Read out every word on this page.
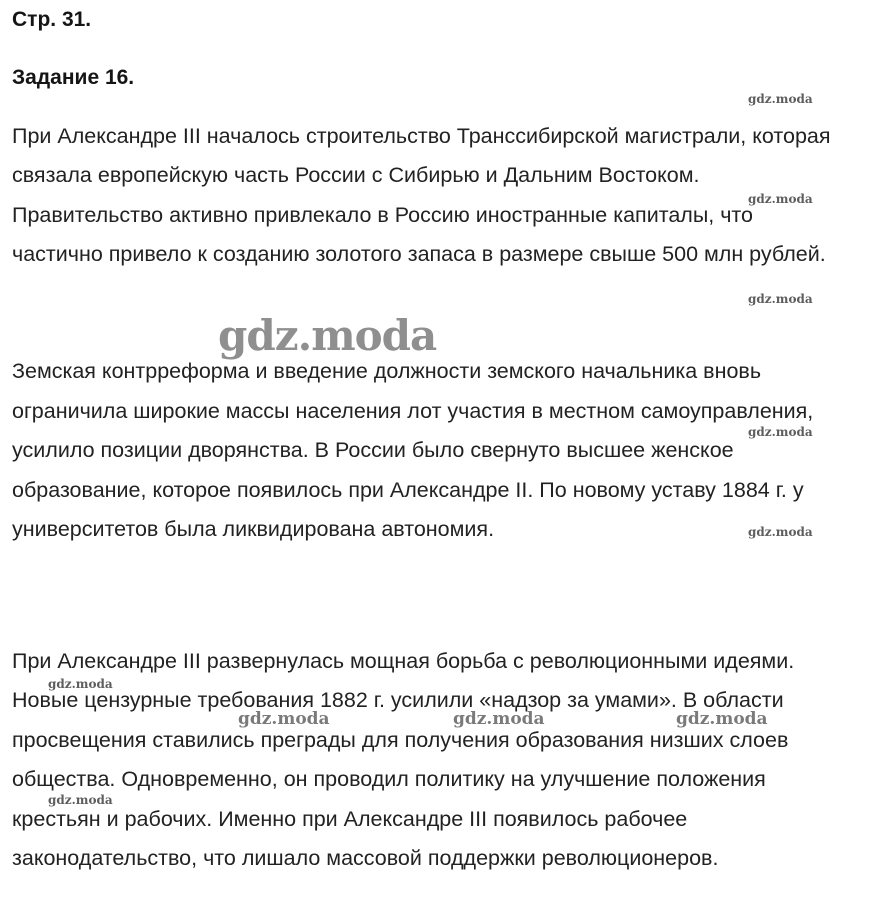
Стр. 31.
Задание 16.
При Александре III началось строительство Транссибирской магистрали, которая
связала европейскую часть России с Сибирью и Дальним Востоком.
Правительство активно привлекало в Россию иностранные капиталы, что
частично привело к созданию золотого запаса в размере свыше 500 млн рублей.
Земская контрреформа и введение должности земского начальника вновь
ограничила широкие массы населения лот участия в местном самоуправления,
усилило позиции дворянства. В России было свернуто высшее женское
образование, которое появилось при Александре II. По новому уставу 1884 г. у
университетов была ликвидирована автономия.
При Александре III развернулась мощная борьба с революционными идеями.
Новые цензурные требования 1882 г. усилили «надзор за умами». В области
просвещения ставились преграды для получения образования низших слоев
общества. Одновременно, он проводил политику на улучшение положения
крестьян и рабочих. Именно при Александре III появилось рабочее
законодательство, что лишало массовой поддержки революционеров.
gdz.moda
gdz.moda
gdz.moda
gdz.moda
gdz.moda
gdz.moda
gdz.moda
gdz.moda
gdz.moda	gdz.moda	gdz.moda
